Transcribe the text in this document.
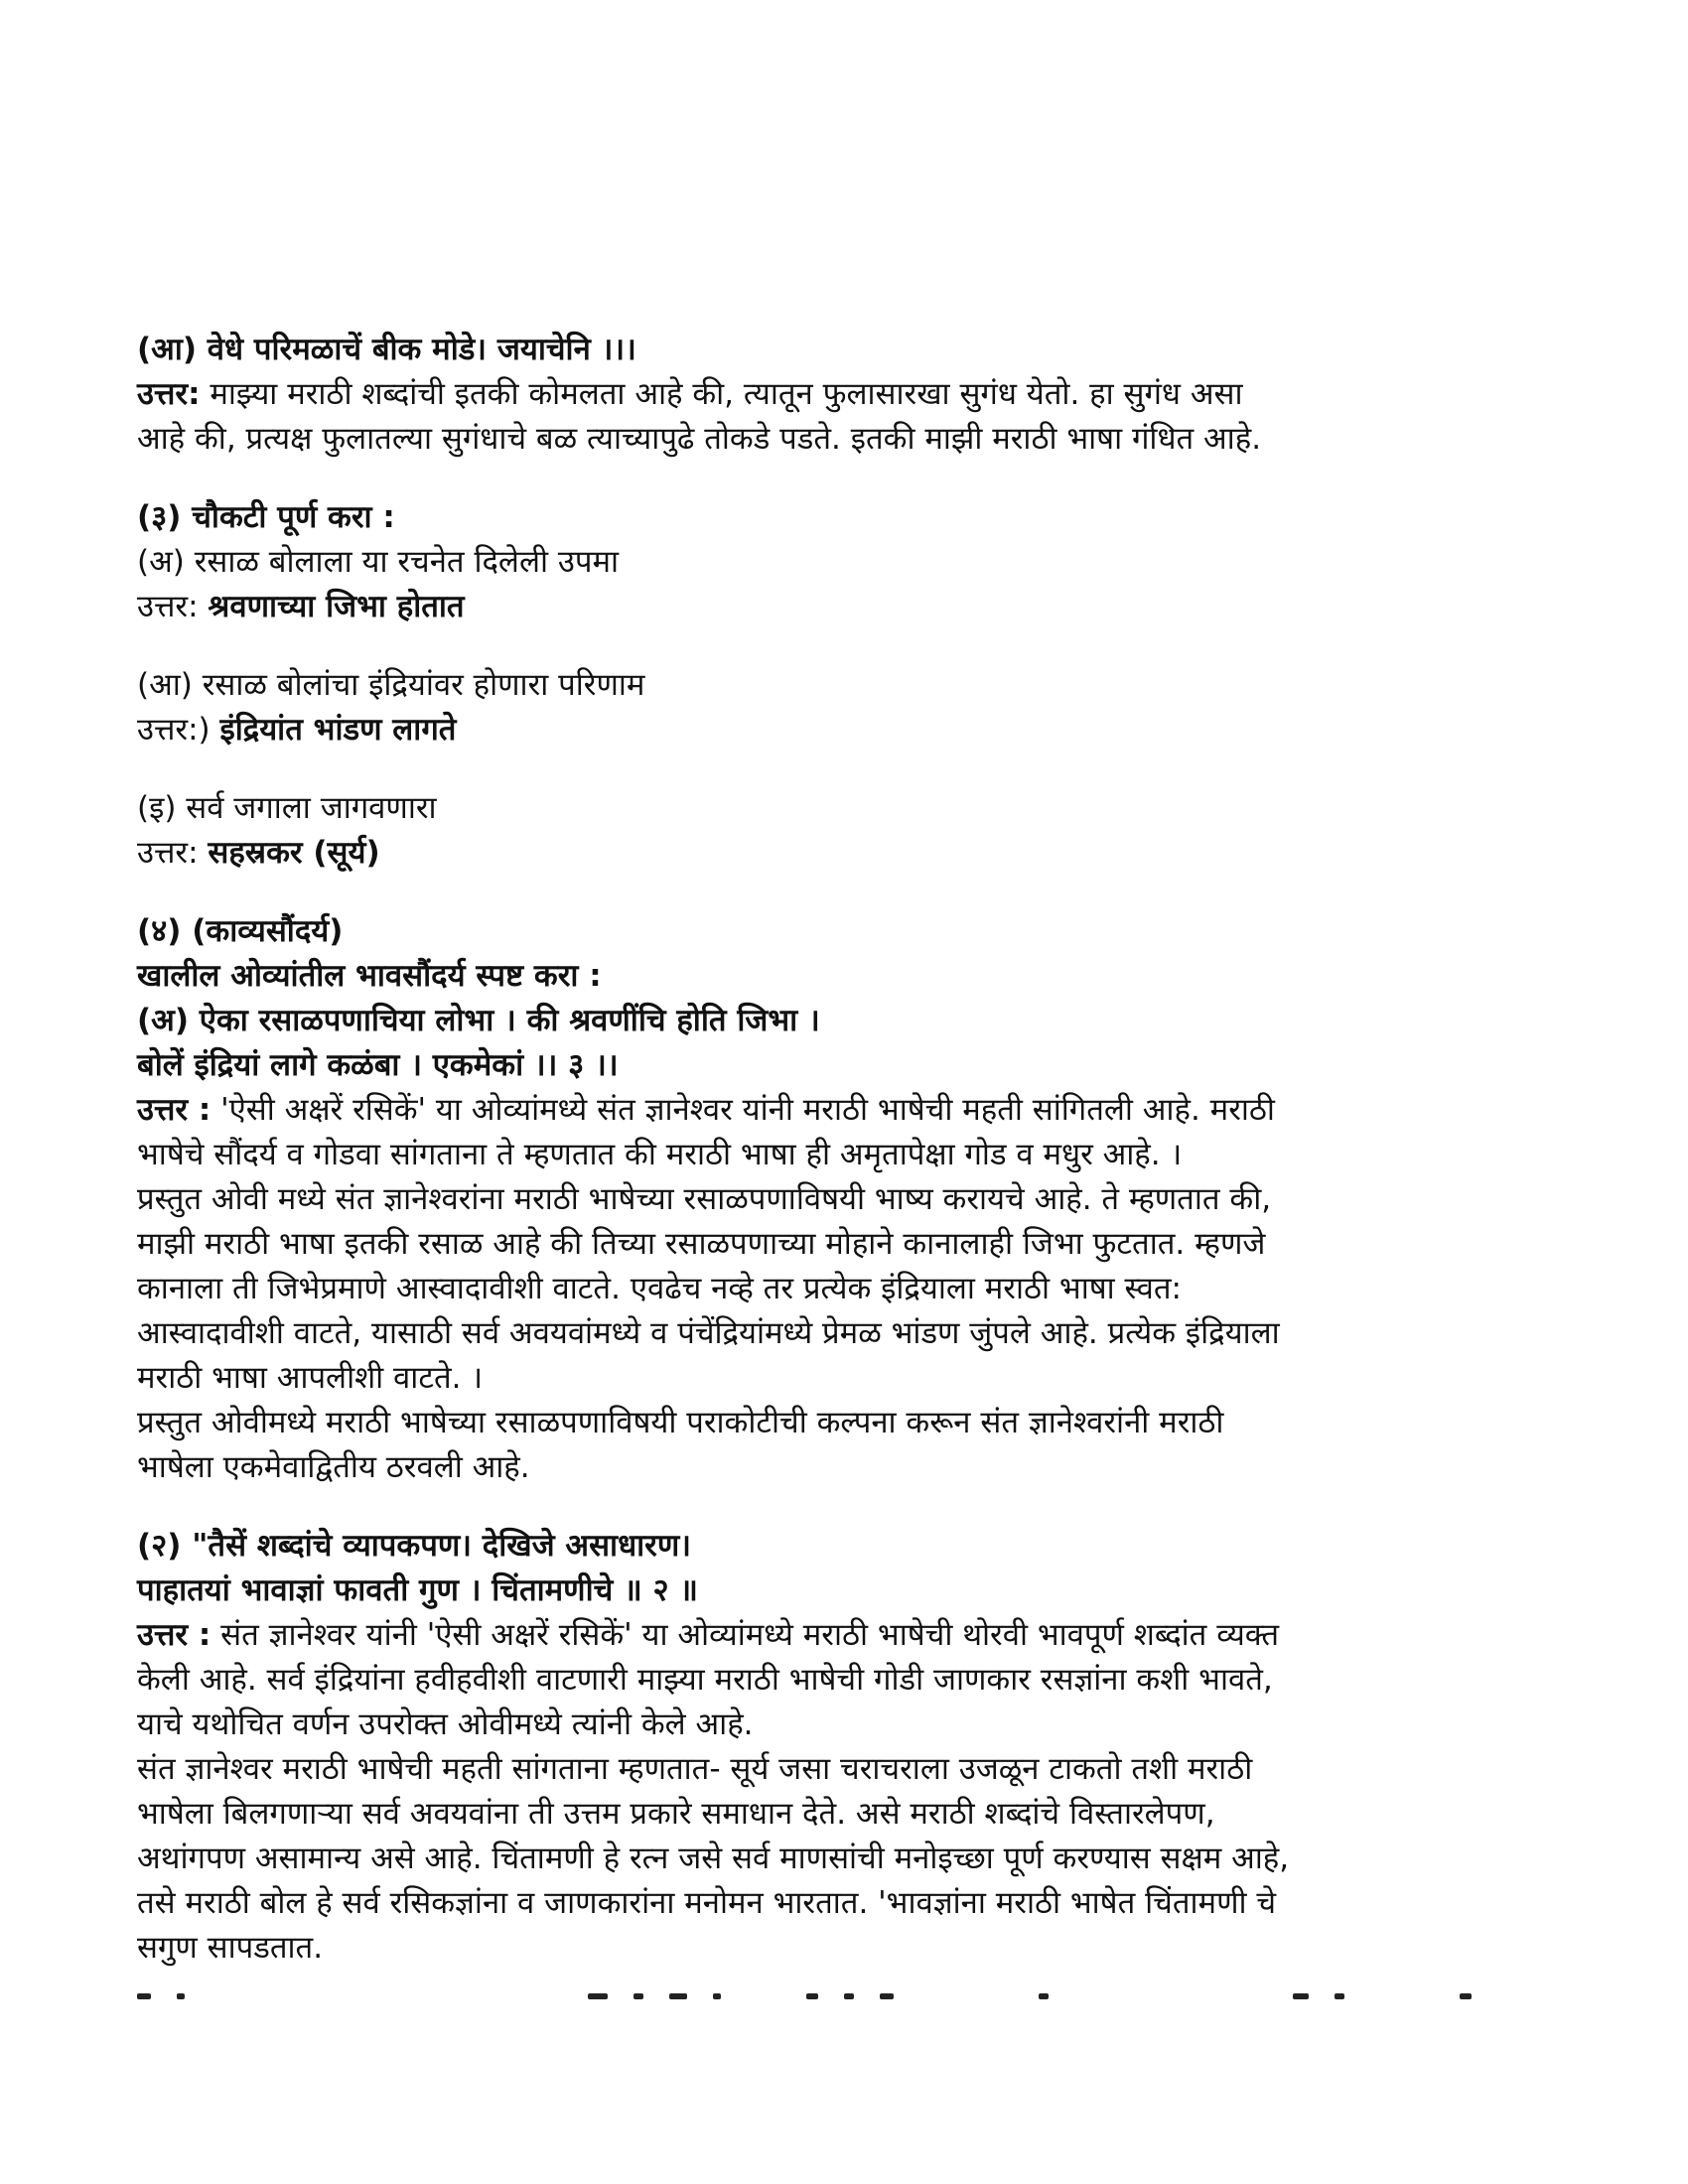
(आ) वेधे परिमळाचें बीक मोडे। जयाचेनि ।।।
उत्तर: माझ्या मराठी शब्दांची इतकी कोमलता आहे की, त्यातून फुलासारखा सुगंध येतो. हा सुगंध असा
आहे की, प्रत्यक्ष फुलातल्या सुगंधाचे बळ त्याच्यापुढे तोकडे पडते. इतकी माझी मराठी भाषा गंधित आहे.
(३) चौकटी पूर्ण करा :
(अ) रसाळ बोलाला या रचनेत दिलेली उपमा
उत्तर: श्रवणाच्या जिभा होतात
(आ) रसाळ बोलांचा इंद्रियांवर होणारा परिणाम
उत्तर:) इंद्रियांत भांडण लागते
(इ) सर्व जगाला जागवणारा
उत्तर: सहस्रकर (सूर्य)
(४) (काव्यसौंदर्य)
खालील ओव्यांतील भावसौंदर्य स्पष्ट करा :
(अ) ऐका रसाळपणाचिया लोभा । की श्रवणींचि होति जिभा ।
बोलें इंद्रियां लागे कळंबा । एकमेकां ।। ३ ।।
उत्तर : 'ऐसी अक्षरें रसिकें' या ओव्यांमध्ये संत ज्ञानेश्वर यांनी मराठी भाषेची महती सांगितली आहे. मराठी
भाषेचे सौंदर्य व गोडवा सांगताना ते म्हणतात की मराठी भाषा ही अमृतापेक्षा गोड व मधुर आहे. ।
प्रस्तुत ओवी मध्ये संत ज्ञानेश्वरांना मराठी भाषेच्या रसाळपणाविषयी भाष्य करायचे आहे. ते म्हणतात की,
माझी मराठी भाषा इतकी रसाळ आहे की तिच्या रसाळपणाच्या मोहाने कानालाही जिभा फुटतात. म्हणजे
कानाला ती जिभेप्रमाणे आस्वादावीशी वाटते. एवढेच नव्हे तर प्रत्येक इंद्रियाला मराठी भाषा स्वत:
आस्वादावीशी वाटते, यासाठी सर्व अवयवांमध्ये व पंचेंद्रियांमध्ये प्रेमळ भांडण जुंपले आहे. प्रत्येक इंद्रियाला
मराठी भाषा आपलीशी वाटते. ।
प्रस्तुत ओवीमध्ये मराठी भाषेच्या रसाळपणाविषयी पराकोटीची कल्पना करून संत ज्ञानेश्वरांनी मराठी
भाषेला एकमेवाद्वितीय ठरवली आहे.
(२) "तैसें शब्दांचे व्यापकपण। देखिजे असाधारण।
पाहातयां भावाज्ञां फावती गुण । चिंतामणीचे ॥ २ ॥
उत्तर : संत ज्ञानेश्वर यांनी 'ऐसी अक्षरें रसिकें' या ओव्यांमध्ये मराठी भाषेची थोरवी भावपूर्ण शब्दांत व्यक्त
केली आहे. सर्व इंद्रियांना हवीहवीशी वाटणारी माझ्या मराठी भाषेची गोडी जाणकार रसज्ञांना कशी भावते,
याचे यथोचित वर्णन उपरोक्त ओवीमध्ये त्यांनी केले आहे.
संत ज्ञानेश्वर मराठी भाषेची महती सांगताना म्हणतात- सूर्य जसा चराचराला उजळून टाकतो तशी मराठी
भाषेला बिलगणाऱ्या सर्व अवयवांना ती उत्तम प्रकारे समाधान देते. असे मराठी शब्दांचे विस्तारलेपण,
अथांगपण असामान्य असे आहे. चिंतामणी हे रत्न जसे सर्व माणसांची मनोइच्छा पूर्ण करण्यास सक्षम आहे,
तसे मराठी बोल हे सर्व रसिकज्ञांना व जाणकारांना मनोमन भारतात. 'भावज्ञांना मराठी भाषेत चिंतामणी चे
सगुण सापडतात.
